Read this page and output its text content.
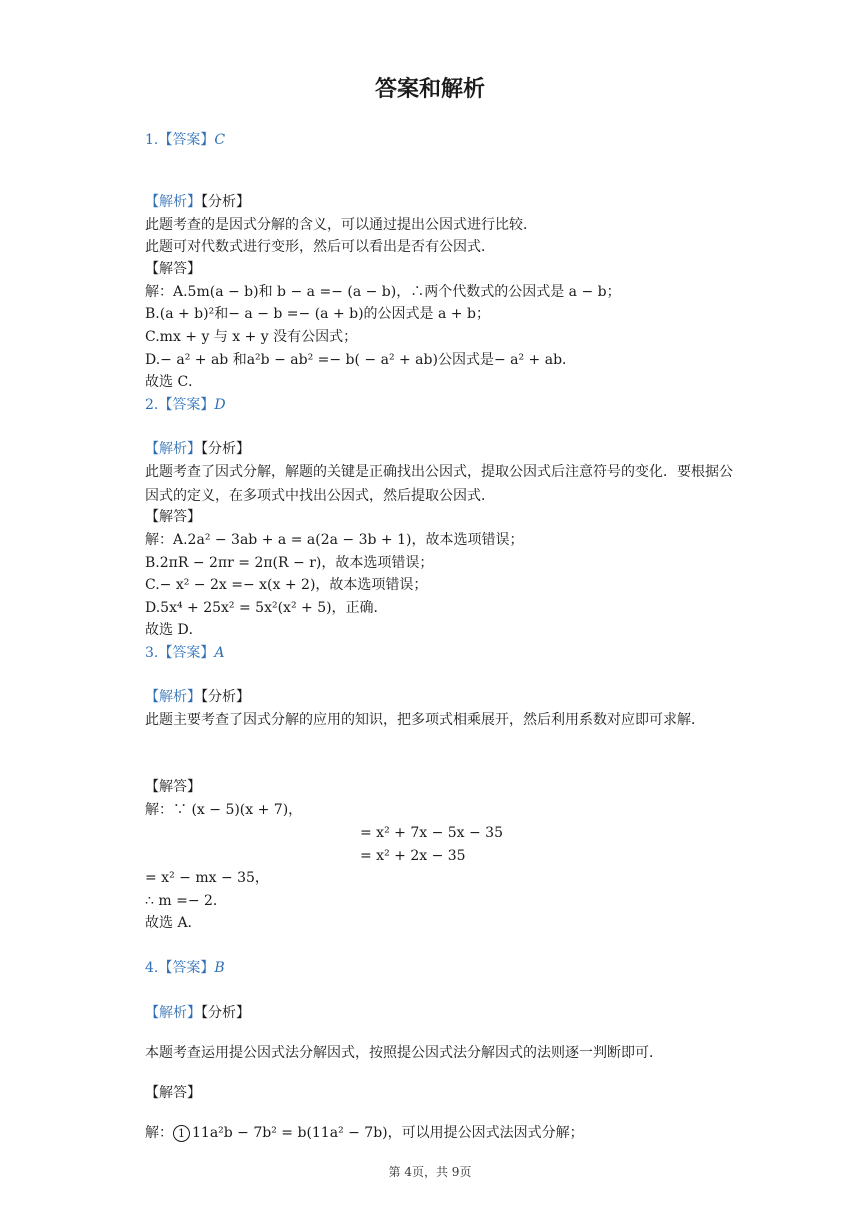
答案和解析
1.【答案】C
【解析】【分析】
此题考查的是因式分解的含义，可以通过提出公因式进行比较．
此题可对代数式进行变形，然后可以看出是否有公因式．
【解答】
解：A.5m(a − b)和 b − a =− (a − b)，∴两个代数式的公因式是 a − b；
B.(a + b)²和− a − b =− (a + b)的公因式是 a + b；
C.mx + y 与 x + y 没有公因式；
D.− a² + ab 和a²b − ab² =− b( − a² + ab)公因式是− a² + ab．
故选 C．
2.【答案】D
【解析】【分析】
此题考查了因式分解，解题的关键是正确找出公因式，提取公因式后注意符号的变化．要根据公因式的定义，在多项式中找出公因式，然后提取公因式．
【解答】
解：A.2a² − 3ab + a = a(2a − 3b + 1)，故本选项错误；
B.2πR − 2πr = 2π(R − r)，故本选项错误；
C.− x² − 2x =− x(x + 2)，故本选项错误；
D.5x⁴ + 25x² = 5x²(x² + 5)，正确．
故选 D．
3.【答案】A
【解析】【分析】
此题主要考查了因式分解的应用的知识，把多项式相乘展开，然后利用系数对应即可求解．
【解答】
解：∵ (x − 5)(x + 7)，
= x² + 7x − 5x − 35
= x² + 2x − 35
= x² − mx − 35，
∴ m =− 2．
故选 A．
4.【答案】B
【解析】【分析】
本题考查运用提公因式法分解因式，按照提公因式法分解因式的法则逐一判断即可．
【解答】
解： 1 11a²b − 7b² = b(11a² − 7b)，可以用提公因式法因式分解；
第 4页，共 9页
